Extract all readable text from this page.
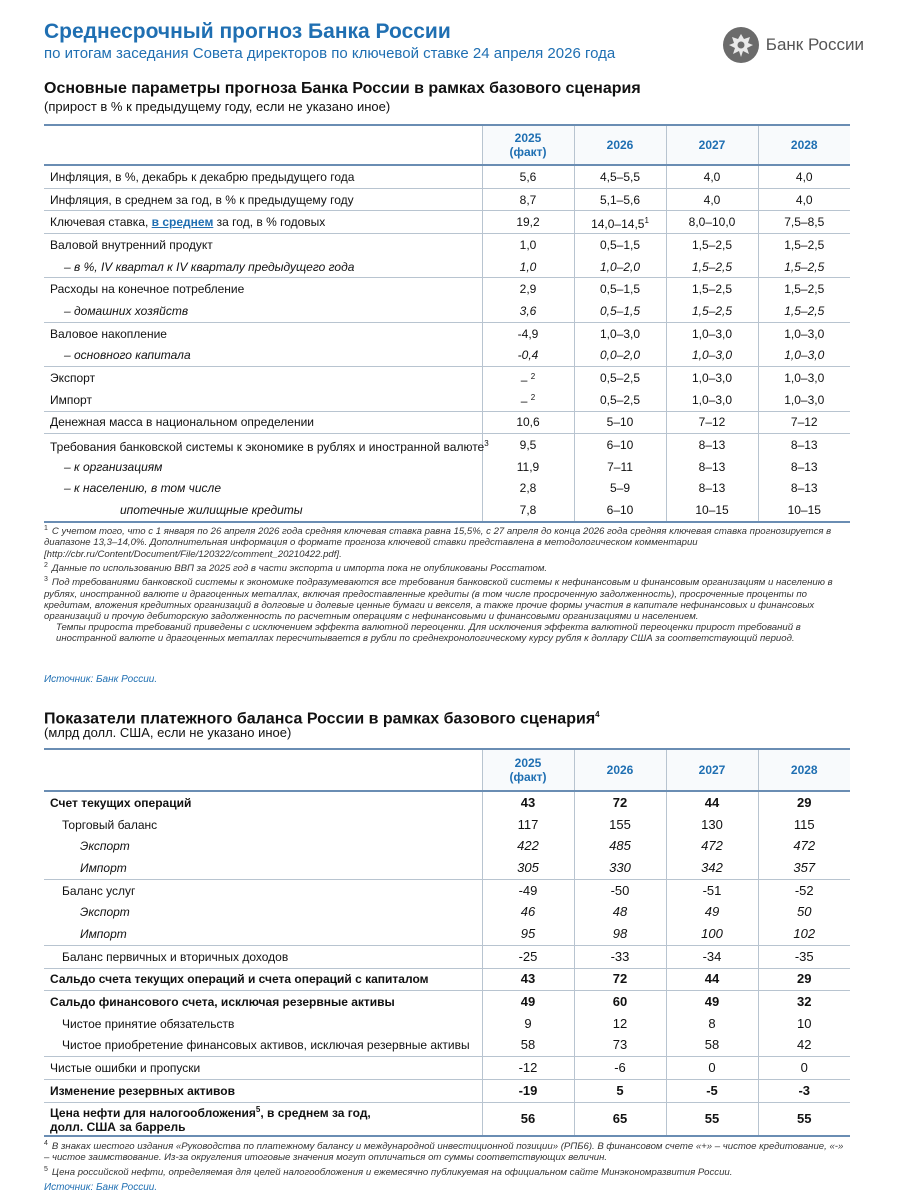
Среднесрочный прогноз Банка России
по итогам заседания Совета директоров по ключевой ставке 24 апреля 2026 года	Банк России
Основные параметры прогноза Банка России в рамках базового сценария
(прирост в % к предыдущему году, если не указано иное)
	2025
(факт)	2026	2027	2028
Инфляция, в %, декабрь к декабрю предыдущего года	5,6	4,5–5,5	4,0	4,0
Инфляция, в среднем за год, в % к предыдущему году	8,7	5,1–5,6	4,0	4,0
Ключевая ставка, в среднем за год, в % годовых	19,2	14,0–14,5$^1$	8,0–10,0	7,5–8,5
Валовой внутренний продукт	1,0	0,5–1,5	1,5–2,5	1,5–2,5
– в %, IV квартал к IV кварталу предыдущего года	1,0	1,0–2,0	1,5–2,5	1,5–2,5
Расходы на конечное потребление	2,9	0,5–1,5	1,5–2,5	1,5–2,5
– домашних хозяйств	3,6	0,5–1,5	1,5–2,5	1,5–2,5
Валовое накопление	-4,9	1,0–3,0	1,0–3,0	1,0–3,0
– основного капитала	-0,4	0,0–2,0	1,0–3,0	1,0–3,0
Экспорт	– $^2$	0,5–2,5	1,0–3,0	1,0–3,0
Импорт	– $^2$	0,5–2,5	1,0–3,0	1,0–3,0
Денежная масса в национальном определении	10,6	5–10	7–12	7–12
Требования банковской системы к экономике в рублях и иностранной валюте$^3$	9,5	6–10	8–13	8–13
– к организациям	11,9	7–11	8–13	8–13
– к населению, в том числе	2,8	5–9	8–13	8–13
ипотечные жилищные кредиты	7,8	6–10	10–15	10–15
$^1$ С учетом того, что с 1 января по 26 апреля 2026 года средняя ключевая ставка равна 15,5%, с 27 апреля до конца 2026 года средняя ключевая ставка прогнозируется в диапазоне 13,3–14,0%. Дополнительная информация о формате прогноза ключевой ставки представлена в методологическом комментарии [http://cbr.ru/Content/Document/File/120322/comment_20210422.pdf].
$^2$ Данные по использованию ВВП за 2025 год в части экспорта и импорта пока не опубликованы Росстатом.
$^3$ Под требованиями банковской системы к экономике подразумеваются все требования банковской системы к нефинансовым и финансовым организациям и населению в рублях, иностранной валюте и драгоценных металлах, включая предоставленные кредиты (в том числе просроченную задолженность), просроченные проценты по кредитам, вложения кредитных организаций в долговые и долевые ценные бумаги и векселя, а также прочие формы участия в капитале нефинансовых и финансовых организаций и прочую дебиторскую задолженность по расчетным операциям с нефинансовыми и финансовыми организациями и населением.
Темпы прироста требований приведены с исключением эффекта валютной переоценки. Для исключения эффекта валютной переоценки прирост требований в иностранной валюте и драгоценных металлах пересчитывается в рубли по среднехронологическому курсу рубля к доллару США за соответствующий период.
Источник: Банк России.
Показатели платежного баланса России в рамках базового сценария$^4$
(млрд долл. США, если не указано иное)
	2025
(факт)	2026	2027	2028
Счет текущих операций	43	72	44	29
Торговый баланс	117	155	130	115
Экспорт	422	485	472	472
Импорт	305	330	342	357
Баланс услуг	-49	-50	-51	-52
Экспорт	46	48	49	50
Импорт	95	98	100	102
Баланс первичных и вторичных доходов	-25	-33	-34	-35
Сальдо счета текущих операций и счета операций с капиталом	43	72	44	29
Сальдо финансового счета, исключая резервные активы	49	60	49	32
Чистое принятие обязательств	9	12	8	10
Чистое приобретение финансовых активов, исключая резервные активы	58	73	58	42
Чистые ошибки и пропуски	-12	-6	0	0
Изменение резервных активов	-19	5	-5	-3
Цена нефти для налогообложения$^5$, в среднем за год,
долл. США за баррель	56	65	55	55
$^4$ В знаках шестого издания «Руководства по платежному балансу и международной инвестиционной позиции» (РПБ6). В финансовом счете «+» – чистое кредитование, «-» – чистое заимствование. Из-за округления итоговые значения могут отличаться от суммы соответствующих величин.
$^5$ Цена российской нефти, определяемая для целей налогообложения и ежемесячно публикуемая на официальном сайте Минэкономразвития России.
Источник: Банк России.
